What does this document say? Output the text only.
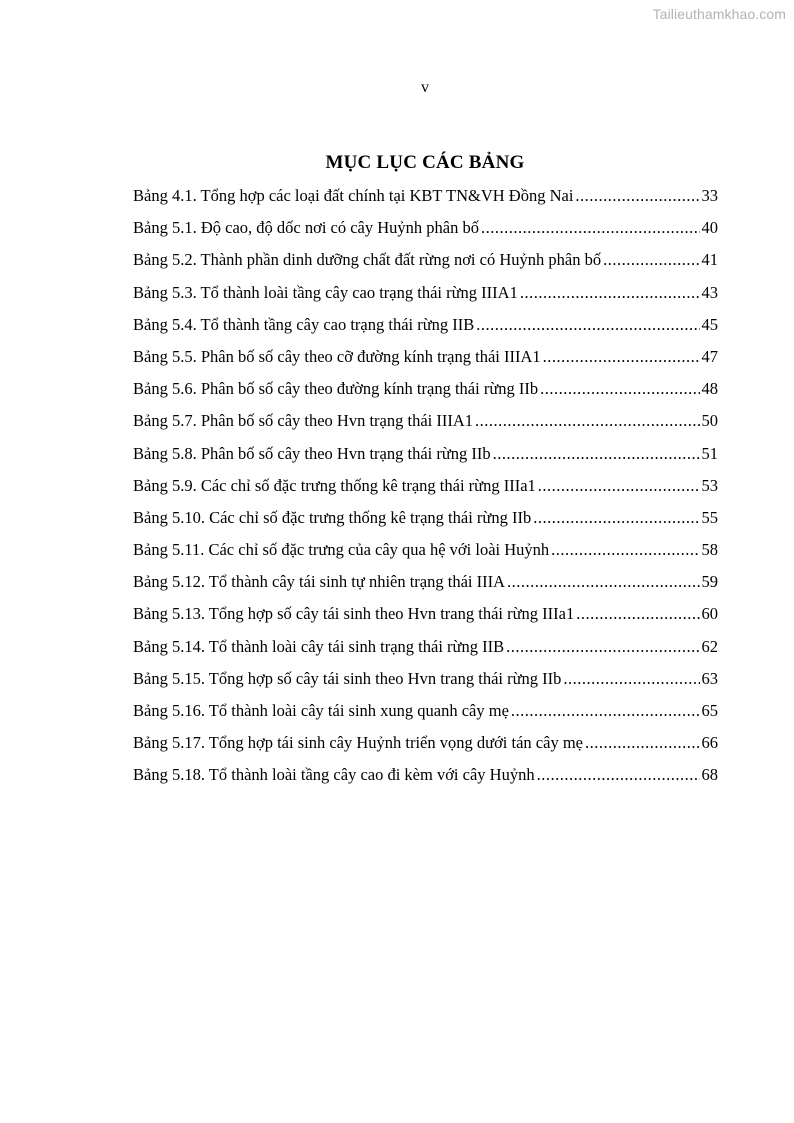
Tailieuthamkhao.com
v
MỤC LỤC CÁC BẢNG
Bảng 4.1. Tổng hợp các loại đất chính tại KBT TN&VH Đồng Nai .....	33
Bảng 5.1. Độ cao, độ dốc nơi có cây Huỷnh phân bố .....	40
Bảng 5.2. Thành phần dinh dưỡng chất đất rừng nơi có Huỷnh phân bố .....	41
Bảng 5.3. Tổ thành loài tầng cây cao trạng thái rừng IIIA1 .....	43
Bảng 5.4. Tổ thành tầng cây cao trạng thái rừng IIB .....	45
Bảng 5.5. Phân bố số cây theo cỡ đường kính trạng thái IIIA1 .....	47
Bảng 5.6. Phân bố số cây theo đường kính trạng thái rừng IIb .....	48
Bảng 5.7. Phân bố số cây theo Hvn trạng thái IIIA1 .....	50
Bảng 5.8. Phân bố số cây theo Hvn trạng thái rừng IIb .....	51
Bảng 5.9. Các chỉ số đặc trưng thống kê trạng thái rừng IIIa1 .....	53
Bảng 5.10. Các chỉ số đặc trưng thống kê trạng thái rừng IIb .....	55
Bảng 5.11. Các chỉ số đặc trưng của cây qua hệ với loài Huỷnh .....	58
Bảng 5.12. Tổ thành cây tái sinh tự nhiên trạng thái IIIA .....	59
Bảng 5.13. Tổng hợp số cây tái sinh theo Hvn trang thái rừng IIIa1 .....	60
Bảng 5.14. Tổ thành loài cây tái sinh trạng thái rừng IIB .....	62
Bảng 5.15. Tổng hợp số cây tái sinh theo Hvn trang thái rừng IIb .....	63
Bảng 5.16. Tổ thành loài cây tái sinh xung quanh cây mẹ .....	65
Bảng 5.17. Tổng hợp tái sinh cây Huỷnh triển vọng dưới tán cây mẹ .....	66
Bảng 5.18. Tổ thành loài tầng cây cao đi kèm với cây Huỷnh .....	68
